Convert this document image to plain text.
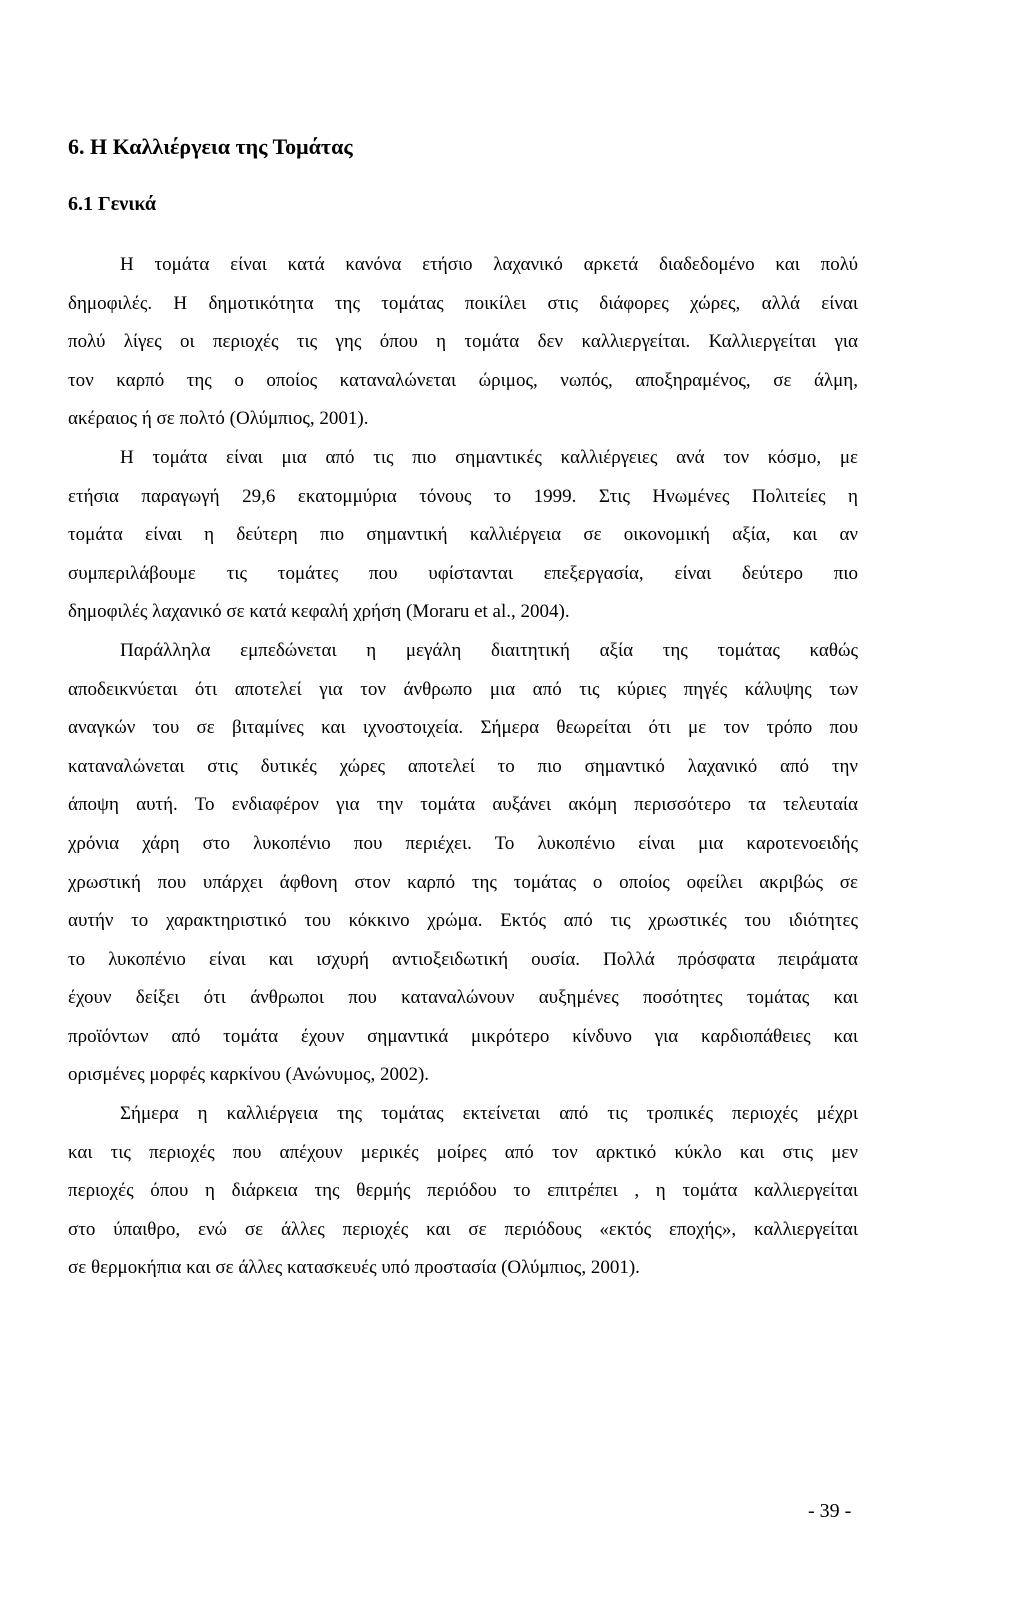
6. Η Καλλιέργεια της Τομάτας
6.1 Γενικά
Η τομάτα είναι κατά κανόνα ετήσιο λαχανικό αρκετά διαδεδομένο και πολύ
δημοφιλές. Η δημοτικότητα της τομάτας ποικίλει στις διάφορες χώρες, αλλά είναι
πολύ λίγες οι περιοχές τις γης όπου η τομάτα δεν καλλιεργείται. Καλλιεργείται για
τον καρπό της ο οποίος καταναλώνεται ώριμος, νωπός, αποξηραμένος, σε άλμη,
ακέραιος ή σε πολτό (Ολύμπιος, 2001).
Η τομάτα είναι μια από τις πιο σημαντικές καλλιέργειες ανά τον κόσμο, με
ετήσια παραγωγή 29,6 εκατομμύρια τόνους το 1999. Στις Ηνωμένες Πολιτείες η
τομάτα είναι η δεύτερη πιο σημαντική καλλιέργεια σε οικονομική αξία, και αν
συμπεριλάβουμε τις τομάτες που υφίστανται επεξεργασία, είναι δεύτερο πιο
δημοφιλές λαχανικό σε κατά κεφαλή χρήση (Moraru et al., 2004).
Παράλληλα εμπεδώνεται η μεγάλη διαιτητική αξία της τομάτας καθώς
αποδεικνύεται ότι αποτελεί για τον άνθρωπο μια από τις κύριες πηγές κάλυψης των
αναγκών του σε βιταμίνες και ιχνοστοιχεία. Σήμερα θεωρείται ότι με τον τρόπο που
καταναλώνεται στις δυτικές χώρες αποτελεί το πιο σημαντικό λαχανικό από την
άποψη αυτή. Το ενδιαφέρον για την τομάτα αυξάνει ακόμη περισσότερο τα τελευταία
χρόνια χάρη στο λυκοπένιο που περιέχει. Το λυκοπένιο είναι μια καροτενοειδής
χρωστική που υπάρχει άφθονη στον καρπό της τομάτας ο οποίος οφείλει ακριβώς σε
αυτήν το χαρακτηριστικό του κόκκινο χρώμα. Εκτός από τις χρωστικές του ιδιότητες
το λυκοπένιο είναι και ισχυρή αντιοξειδωτική ουσία. Πολλά πρόσφατα πειράματα
έχουν δείξει ότι άνθρωποι που καταναλώνουν αυξημένες ποσότητες τομάτας και
προϊόντων από τομάτα έχουν σημαντικά μικρότερο κίνδυνο για καρδιοπάθειες και
ορισμένες μορφές καρκίνου (Ανώνυμος, 2002).
Σήμερα η καλλιέργεια της τομάτας εκτείνεται από τις τροπικές περιοχές μέχρι
και τις περιοχές που απέχουν μερικές μοίρες από τον αρκτικό κύκλο και στις μεν
περιοχές όπου η διάρκεια της θερμής περιόδου το επιτρέπει , η τομάτα καλλιεργείται
στο ύπαιθρο, ενώ σε άλλες περιοχές και σε περιόδους «εκτός εποχής», καλλιεργείται
σε θερμοκήπια και σε άλλες κατασκευές υπό προστασία (Ολύμπιος, 2001).
- 39 -
